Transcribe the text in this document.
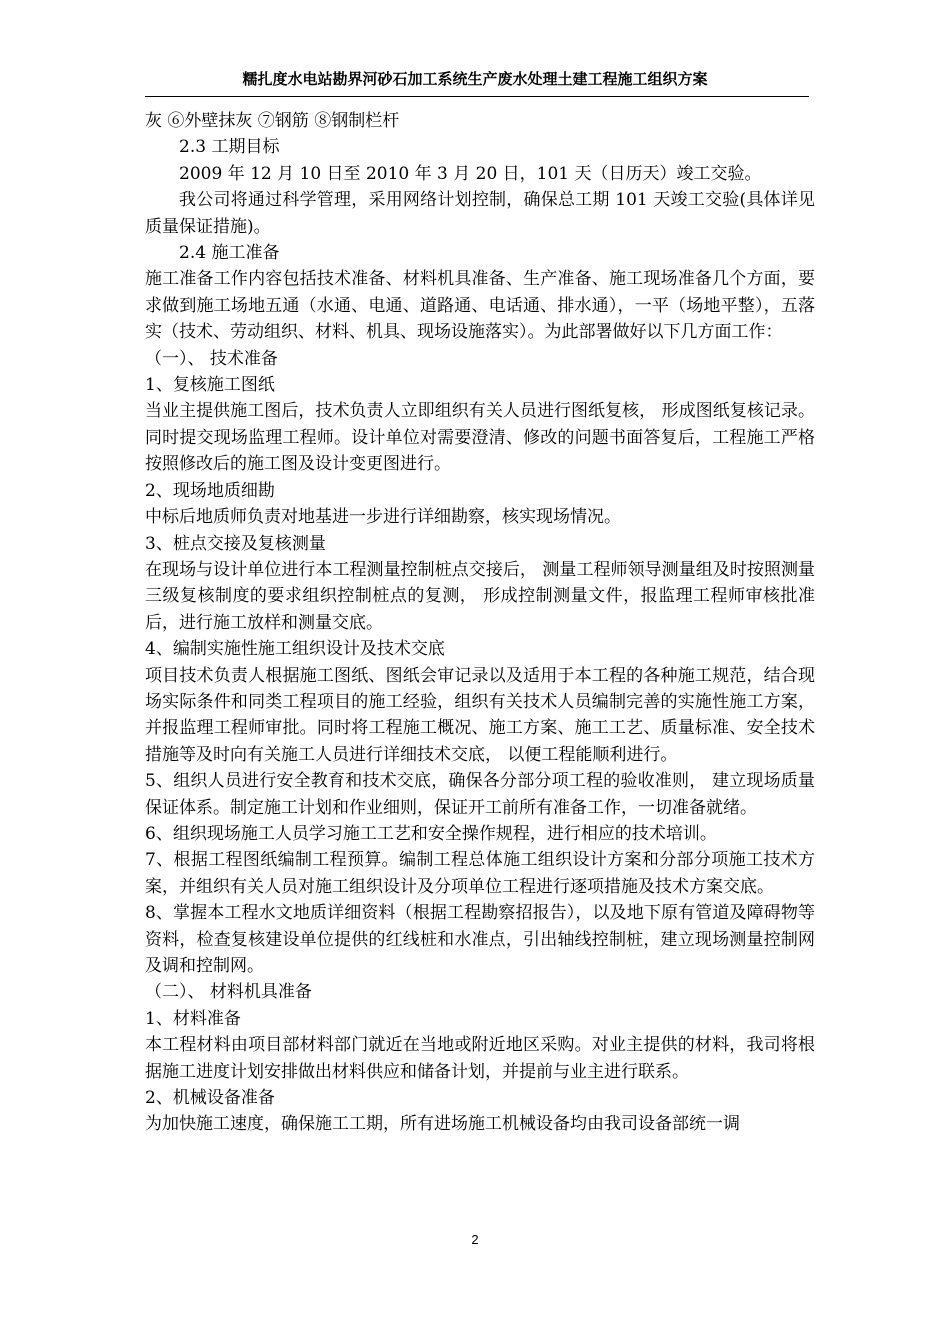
糯扎度水电站勘界河砂石加工系统生产废水处理土建工程施工组织方案

灰 ⑥外壁抹灰 ⑦钢筋 ⑧钢制栏杆

2.3 工期目标

2009 年 12 月 10 日至 2010 年 3 月 20 日，101 天（日历天）竣工交验。

我公司将通过科学管理，采用网络计划控制，确保总工期 101 天竣工交验(具体详见质量保证措施)。

2.4 施工准备

施工准备工作内容包括技术准备、材料机具准备、生产准备、施工现场准备几个方面，要求做到施工场地五通（水通、电通、道路通、电话通、排水通），一平（场地平整），五落实（技术、劳动组织、材料、机具、现场设施落实）。为此部署做好以下几方面工作：

（一）、 技术准备

1、复核施工图纸

当业主提供施工图后，技术负责人立即组织有关人员进行图纸复核， 形成图纸复核记录。同时提交现场监理工程师。设计单位对需要澄清、修改的问题书面答复后，工程施工严格按照修改后的施工图及设计变更图进行。

2、现场地质细勘

中标后地质师负责对地基进一步进行详细勘察，核实现场情况。

3、桩点交接及复核测量

在现场与设计单位进行本工程测量控制桩点交接后， 测量工程师领导测量组及时按照测量三级复核制度的要求组织控制桩点的复测， 形成控制测量文件，报监理工程师审核批准后，进行施工放样和测量交底。

4、编制实施性施工组织设计及技术交底

项目技术负责人根据施工图纸、图纸会审记录以及适用于本工程的各种施工规范，结合现场实际条件和同类工程项目的施工经验，组织有关技术人员编制完善的实施性施工方案，并报监理工程师审批。同时将工程施工概况、施工方案、施工工艺、质量标准、安全技术措施等及时向有关施工人员进行详细技术交底， 以便工程能顺利进行。

5、组织人员进行安全教育和技术交底，确保各分部分项工程的验收准则， 建立现场质量保证体系。制定施工计划和作业细则，保证开工前所有准备工作，一切准备就绪。

6、组织现场施工人员学习施工工艺和安全操作规程，进行相应的技术培训。

7、根据工程图纸编制工程预算。编制工程总体施工组织设计方案和分部分项施工技术方案，并组织有关人员对施工组织设计及分项单位工程进行逐项措施及技术方案交底。

8、掌握本工程水文地质详细资料（根据工程勘察招报告），以及地下原有管道及障碍物等资料，检查复核建设单位提供的红线桩和水准点，引出轴线控制桩，建立现场测量控制网及调和控制网。

（二）、 材料机具准备

1、材料准备

本工程材料由项目部材料部门就近在当地或附近地区采购。对业主提供的材料，我司将根据施工进度计划安排做出材料供应和储备计划，并提前与业主进行联系。

2、机械设备准备

为加快施工速度，确保施工工期，所有进场施工机械设备均由我司设备部统一调

2
